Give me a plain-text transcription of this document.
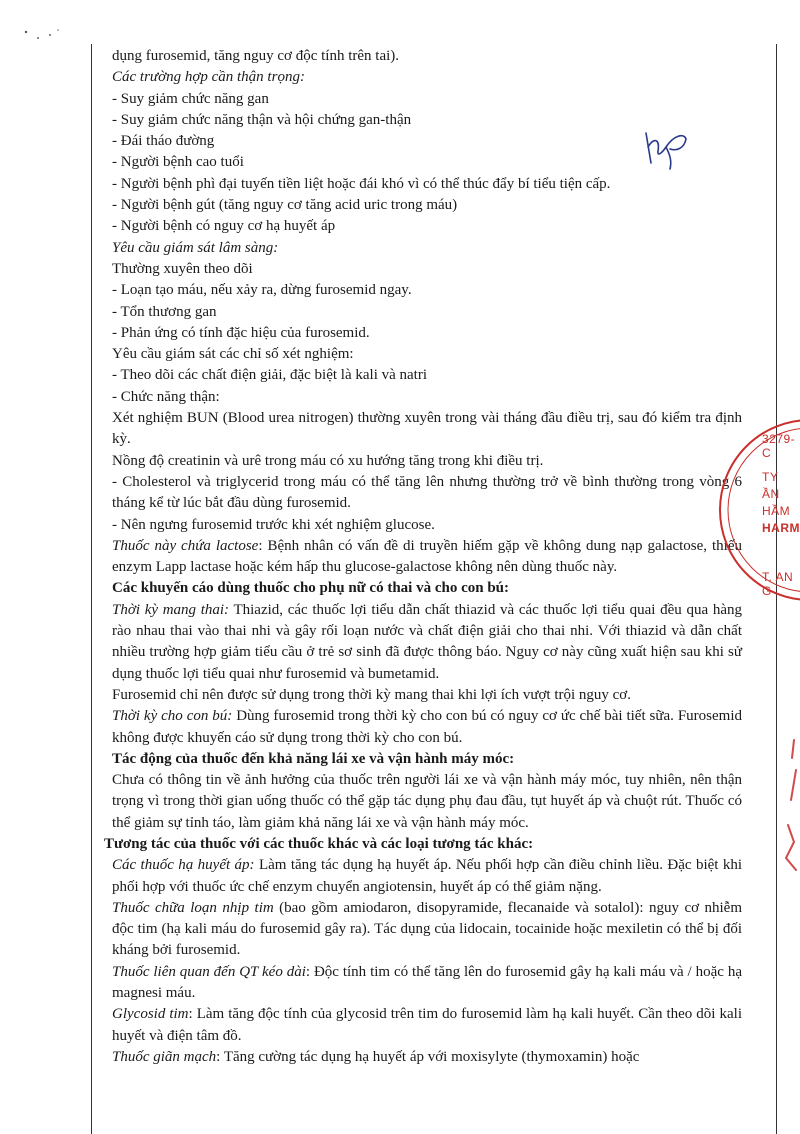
dụng furosemid, tăng nguy cơ độc tính trên tai).

Các trường hợp cần thận trọng:

- Suy giảm chức năng gan

- Suy giảm chức năng thận và hội chứng gan-thận

- Đái tháo đường

- Người bệnh cao tuổi

- Người bệnh phì đại tuyến tiền liệt hoặc đái khó vì có thể thúc đẩy bí tiểu tiện cấp.

- Người bệnh gút (tăng nguy cơ tăng acid uric trong máu)

- Người bệnh có nguy cơ hạ huyết áp

Yêu cầu giám sát lâm sàng:

Thường xuyên theo dõi

- Loạn tạo máu, nếu xảy ra, dừng furosemid ngay.

- Tổn thương gan

- Phản ứng có tính đặc hiệu của furosemid.

Yêu cầu giám sát các chỉ số xét nghiệm:

- Theo dõi các chất điện giải, đặc biệt là kali và natri

- Chức năng thận:

Xét nghiệm BUN (Blood urea nitrogen) thường xuyên trong vài tháng đầu điều trị, sau đó kiểm tra định kỳ.

Nồng độ creatinin và urê trong máu có xu hướng tăng trong khi điều trị.

- Cholesterol và triglycerid trong máu có thể tăng lên nhưng thường trở về bình thường trong vòng 6 tháng kể từ lúc bắt đầu dùng furosemid.

- Nên ngưng furosemid trước khi xét nghiệm glucose.

Thuốc này chứa lactose: Bệnh nhân có vấn đề di truyền hiếm gặp về không dung nạp galactose, thiếu enzym Lapp lactase hoặc kém hấp thu glucose-galactose không nên dùng thuốc này.

Các khuyến cáo dùng thuốc cho phụ nữ có thai và cho con bú:

Thời kỳ mang thai: Thiazid, các thuốc lợi tiểu dẫn chất thiazid và các thuốc lợi tiểu quai đều qua hàng rào nhau thai vào thai nhi và gây rối loạn nước và chất điện giải cho thai nhi. Với thiazid và dẫn chất nhiều trường hợp giảm tiểu cầu ở trẻ sơ sinh đã được thông báo. Nguy cơ này cũng xuất hiện sau khi sử dụng thuốc lợi tiểu quai như furosemid và bumetamid.

Furosemid chỉ nên được sử dụng trong thời kỳ mang thai khi lợi ích vượt trội nguy cơ.

Thời kỳ cho con bú: Dùng furosemid trong thời kỳ cho con bú có nguy cơ ức chế bài tiết sữa. Furosemid không được khuyến cáo sử dụng trong thời kỳ cho con bú.

Tác động của thuốc đến khả năng lái xe và vận hành máy móc:

Chưa có thông tin về ảnh hưởng của thuốc trên người lái xe và vận hành máy móc, tuy nhiên, nên thận trọng vì trong thời gian uống thuốc có thể gặp tác dụng phụ đau đầu, tụt huyết áp và chuột rút. Thuốc có thể giảm sự tỉnh táo, làm giảm khả năng lái xe và vận hành máy móc.

Tương tác của thuốc với các thuốc khác và các loại tương tác khác:

Các thuốc hạ huyết áp: Làm tăng tác dụng hạ huyết áp. Nếu phối hợp cần điều chỉnh liều. Đặc biệt khi phối hợp với thuốc ức chế enzym chuyển angiotensin, huyết áp có thể giảm nặng.

Thuốc chữa loạn nhịp tim (bao gồm amiodaron, disopyramide, flecanaide và sotalol): nguy cơ nhiễm độc tim (hạ kali máu do furosemid gây ra). Tác dụng của lidocain, tocainide hoặc mexiletin có thể bị đối kháng bởi furosemid.

Thuốc liên quan đến QT kéo dài: Độc tính tim có thể tăng lên do furosemid gây hạ kali máu và / hoặc hạ magnesi máu.

Glycosid tim: Làm tăng độc tính của glycosid trên tim do furosemid làm hạ kali huyết. Cần theo dõi kali huyết và điện tâm đồ.

Thuốc giãn mạch: Tăng cường tác dụng hạ huyết áp với moxisylyte (thymoxamin) hoặc

3279-C
TY
ẦN
HẦM
HARM
T. AN G
